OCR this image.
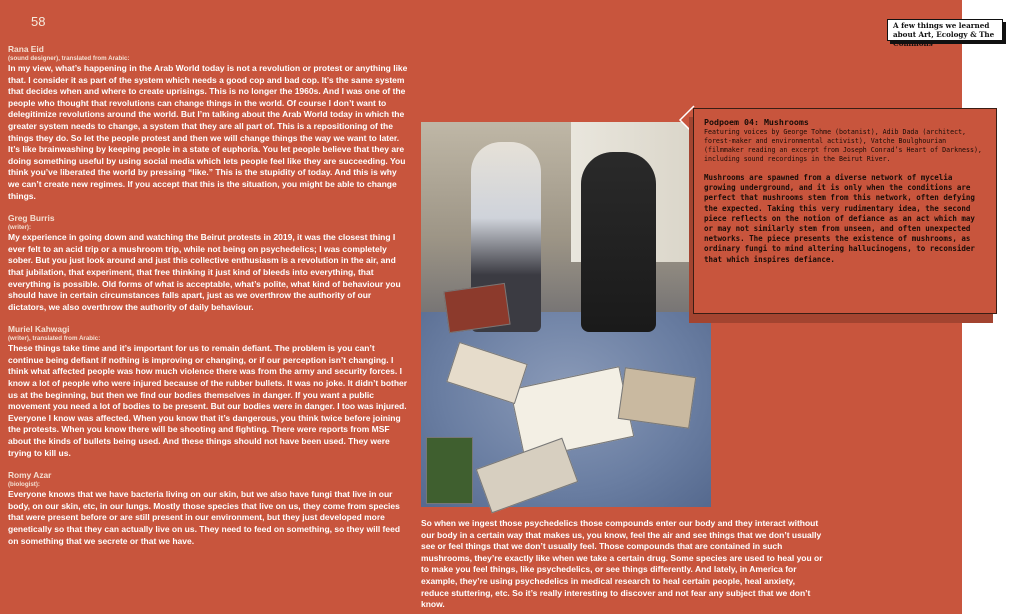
58	A few things we learned about Art, Ecology & The Commons
Rana Eid
(sound designer), translated from Arabic:

In my view, what’s happening in the Arab World today is not a revolution or protest or anything like that. I consider it as part of the system which needs a good cop and bad cop. It’s the same system that decides when and where to create uprisings. This is no longer the 1960s. And I was one of the people who thought that revolutions can change things in the world. Of course I don’t want to delegitimize revolutions around the world. But I’m talking about the Arab World today in which the greater system needs to change, a system that they are all part of. This is a repositioning of the things they do. So let the people protest and then we will change things the way we want to later. It’s like brainwashing by keeping people in a state of euphoria. You let people believe that they are doing something useful by using social media which lets people feel like they are succeeding. You think you’ve liberated the world by pressing “like.” This is the stupidity of today. And this is why we can’t create new regimes. If you accept that this is the situation, you might be able to change things.

Greg Burris
(writer):

My experience in going down and watching the Beirut protests in 2019, it was the closest thing I ever felt to an acid trip or a mushroom trip, while not being on psychedelics; I was completely sober. But you just look around and just this collective enthusiasm is a revolution in the air, and that jubilation, that experiment, that free thinking it just kind of bleeds into everything, that everything is possible. Old forms of what is acceptable, what’s polite, what kind of behaviour you should have in certain circumstances falls apart, just as we overthrow the authority of our dictators, we also overthrow the authority of daily behaviour.

Muriel Kahwagi
(writer), translated from Arabic:

These things take time and it’s important for us to remain defiant. The problem is you can’t continue being defiant if nothing is improving or changing, or if our perception isn’t changing. I think what affected people was how much violence there was from the army and security forces. I know a lot of people who were injured because of the rubber bullets. It was no joke. It didn’t bother us at the beginning, but then we find our bodies themselves in danger. If you want a public movement you need a lot of bodies to be present. But our bodies were in danger. I too was injured. Everyone I know was affected. When you know that it’s dangerous, you think twice before joining the protests. When you know there will be shooting and fighting. There were reports from MSF about the kinds of bullets being used. And these things should not have been used. They were trying to kill us.

Romy Azar
(biologist):

Everyone knows that we have bacteria living on our skin, but we also have fungi that live in our body, on our skin, etc, in our lungs. Mostly those species that live on us, they come from species that were present before or are still present in our environment, but they just developed more genetically so that they can actually live on us. They need to feed on something, so they will feed on something that we secrete or that we have.

Podpoem 04: Mushrooms
Featuring voices by George Tohme (botanist), Adib Dada (architect, forest-maker and environmental activist), Vatche Boulghourian (filmmaker reading an excerpt from Joseph Conrad’s Heart of Darkness), including sound recordings in the Beirut River.
Mushrooms are spawned from a diverse network of mycelia growing underground, and it is only when the conditions are perfect that mushrooms stem from this network, often defying the expected. Taking this very rudimentary idea, the second piece reflects on the notion of defiance as an act which may or may not similarly stem from unseen, and often unexpected networks. The piece presents the existence of mushrooms, as ordinary fungi to mind altering hallucinogens, to reconsider that which inspires defiance.

So when we ingest those psychedelics those compounds enter our body and they interact without our body in a certain way that makes us, you know, feel the air and see things that we don’t usually see or feel things that we don’t usually feel. Those compounds that are contained in such mushrooms, they’re exactly like when we take a certain drug. Some species are used to heal you or to make you feel things, like psychedelics, or see things differently. And lately, in America for example, they’re using psychedelics in medical research to heal certain people, heal anxiety, reduce stuttering, etc. So it’s really interesting to discover and not fear any subject that we don’t know.
